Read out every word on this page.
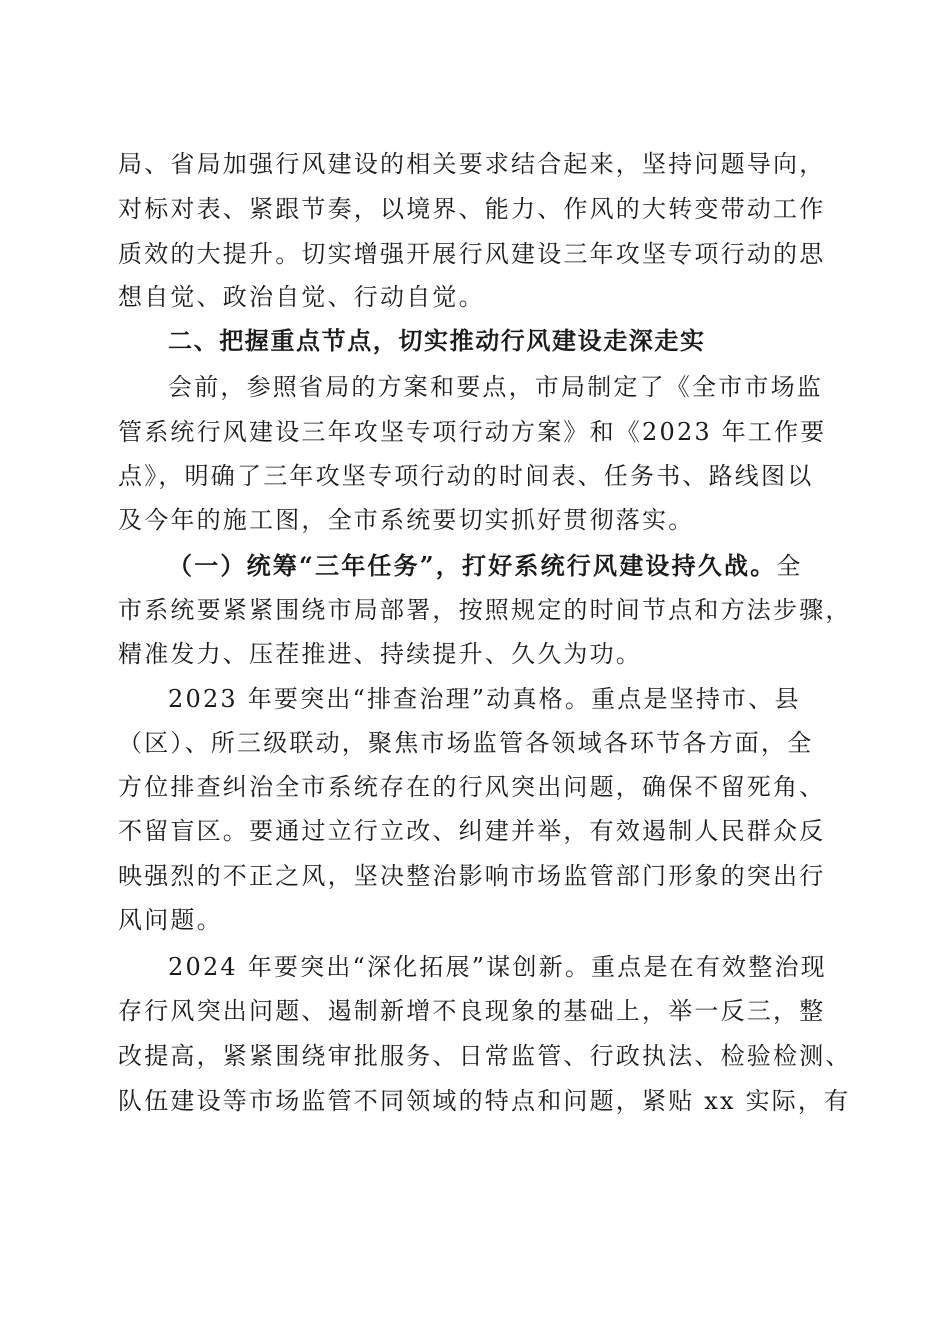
局、省局加强行风建设的相关要求结合起来，坚持问题导向，
对标对表、紧跟节奏，以境界、能力、作风的大转变带动工作
质效的大提升。切实增强开展行风建设三年攻坚专项行动的思
想自觉、政治自觉、行动自觉。
二、把握重点节点，切实推动行风建设走深走实
会前，参照省局的方案和要点，市局制定了《全市市场监
管系统行风建设三年攻坚专项行动方案》和《2023 年工作要
点》，明确了三年攻坚专项行动的时间表、任务书、路线图以
及今年的施工图，全市系统要切实抓好贯彻落实。
（一）统筹“三年任务”，打好系统行风建设持久战。全
市系统要紧紧围绕市局部署，按照规定的时间节点和方法步骤，
精准发力、压茬推进、持续提升、久久为功。
2023 年要突出“排查治理”动真格。重点是坚持市、县
（区）、所三级联动，聚焦市场监管各领域各环节各方面，全
方位排查纠治全市系统存在的行风突出问题，确保不留死角、
不留盲区。要通过立行立改、纠建并举，有效遏制人民群众反
映强烈的不正之风，坚决整治影响市场监管部门形象的突出行
风问题。
2024 年要突出“深化拓展”谋创新。重点是在有效整治现
存行风突出问题、遏制新增不良现象的基础上，举一反三，整
改提高，紧紧围绕审批服务、日常监管、行政执法、检验检测、
队伍建设等市场监管不同领域的特点和问题，紧贴 xx 实际，有
